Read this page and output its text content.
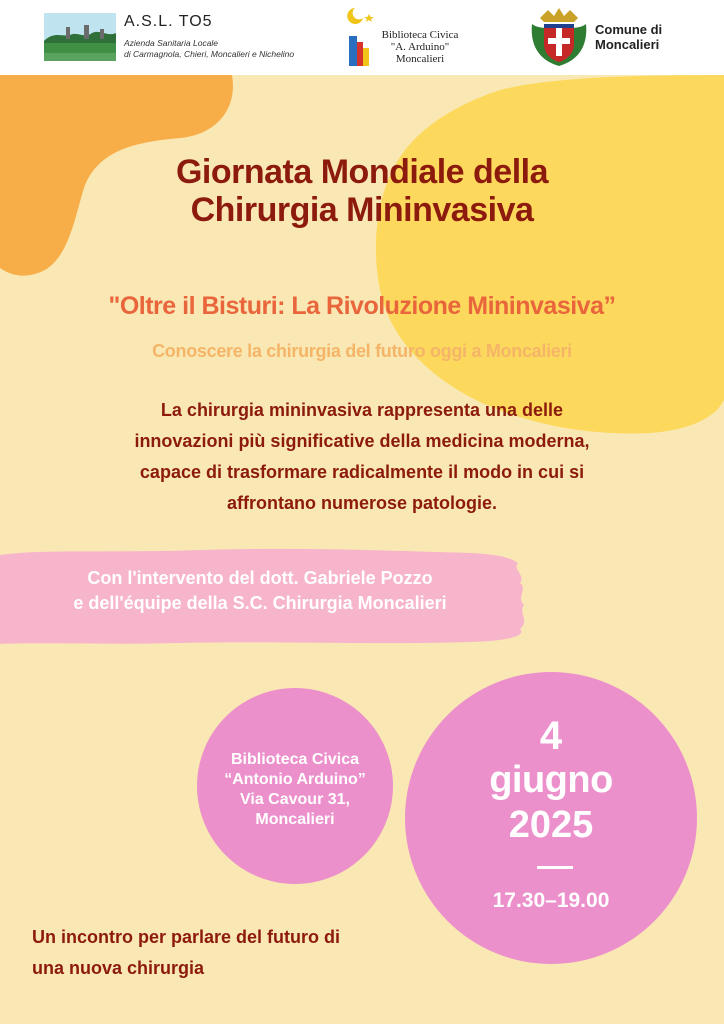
A.S.L. TO5
Azienda Sanitaria Locale
di Carmagnola, Chieri, Moncalieri e Nichelino
Biblioteca Civica
"A. Arduino"
Moncalieri
Comune di
Moncalieri
Giornata Mondiale della
Chirurgia Mininvasiva
"Oltre il Bisturi: La Rivoluzione Mininvasiva”
Conoscere la chirurgia del futuro oggi a Moncalieri
La chirurgia mininvasiva rappresenta una delle
innovazioni più significative della medicina moderna,
capace di trasformare radicalmente il modo in cui si
affrontano numerose patologie.
Con l'intervento del dott. Gabriele Pozzo
e dell'équipe della S.C. Chirurgia Moncalieri
Biblioteca Civica
“Antonio Arduino”
Via Cavour 31,
Moncalieri
4
giugno
2025
17.30–19.00
Un incontro per parlare del futuro di
una nuova chirurgia
